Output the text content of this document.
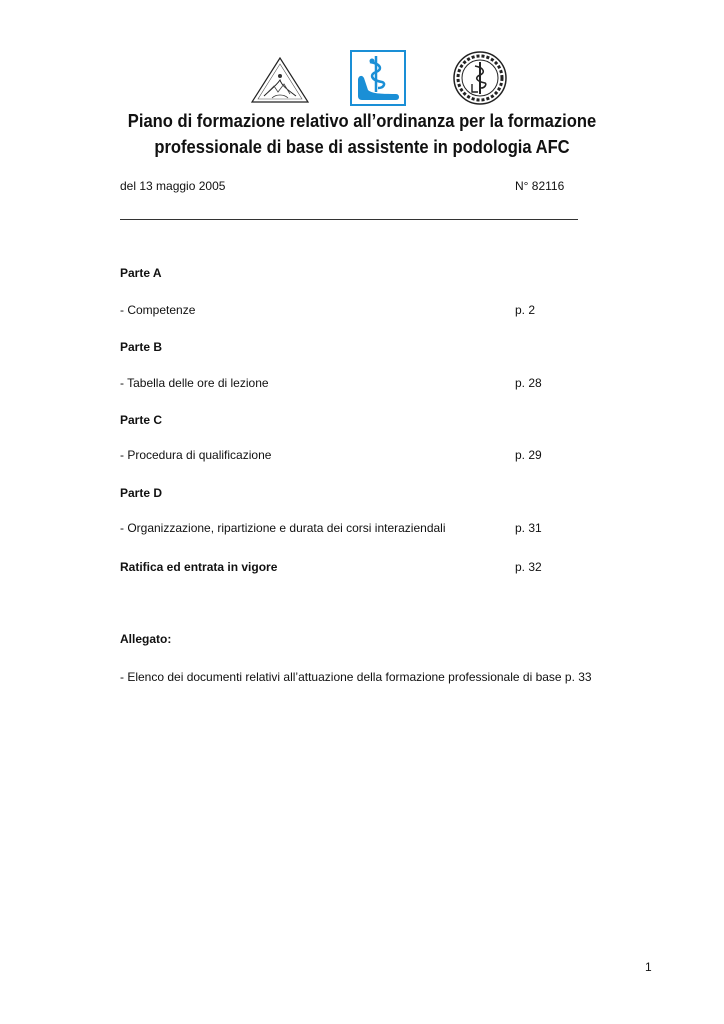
Piano di formazione relativo all’ordinanza per la formazione
professionale di base di assistente in podologia AFC
del 13 maggio 2005	N° 82116
Parte A
- Competenze	p. 2
Parte B
- Tabella delle ore di lezione	p. 28
Parte C
- Procedura di qualificazione	p. 29
Parte D
- Organizzazione, ripartizione e durata dei corsi interaziendali	p. 31
Ratifica ed entrata in vigore	p. 32
Allegato:
- Elenco dei documenti relativi all’attuazione della formazione professionale di base p. 33
1
